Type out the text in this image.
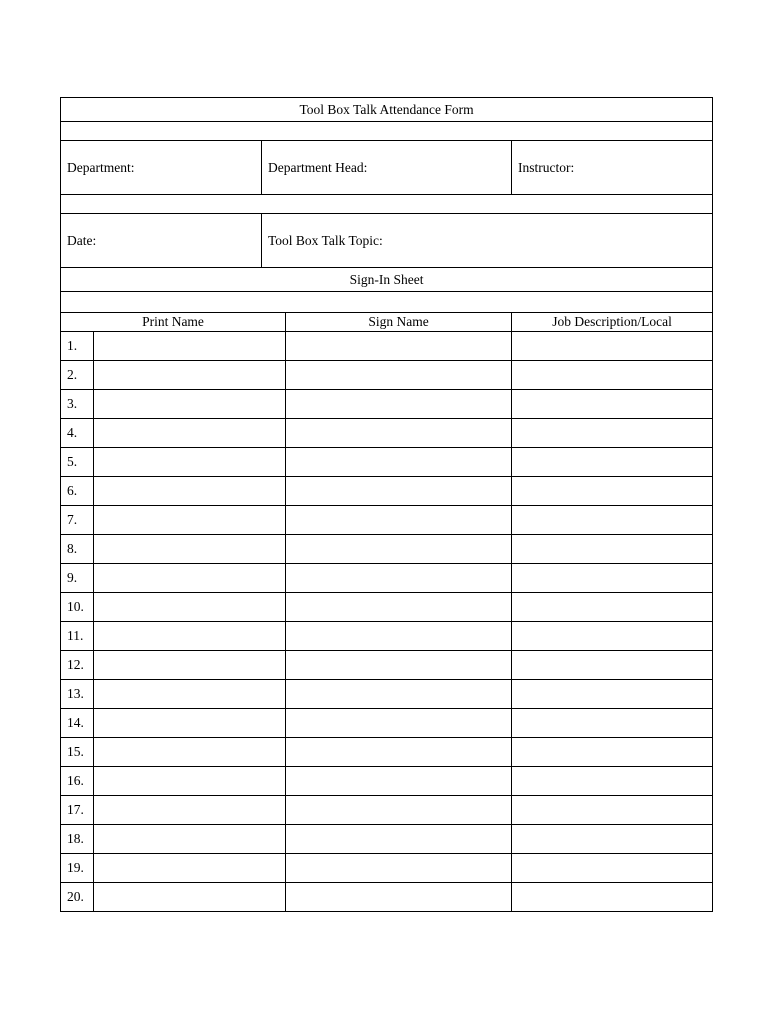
Tool Box Talk Attendance Form				

Department:		Department Head:		Instructor:

Date:		Tool Box Talk Topic:		
Sign-In Sheet				

Print Name			Sign Name	Job Description/Local
1.				
2.				
3.				
4.				
5.				
6.				
7.				
8.				
9.				
10.				
11.				
12.				
13.				
14.				
15.				
16.				
17.				
18.				
19.				
20.				
